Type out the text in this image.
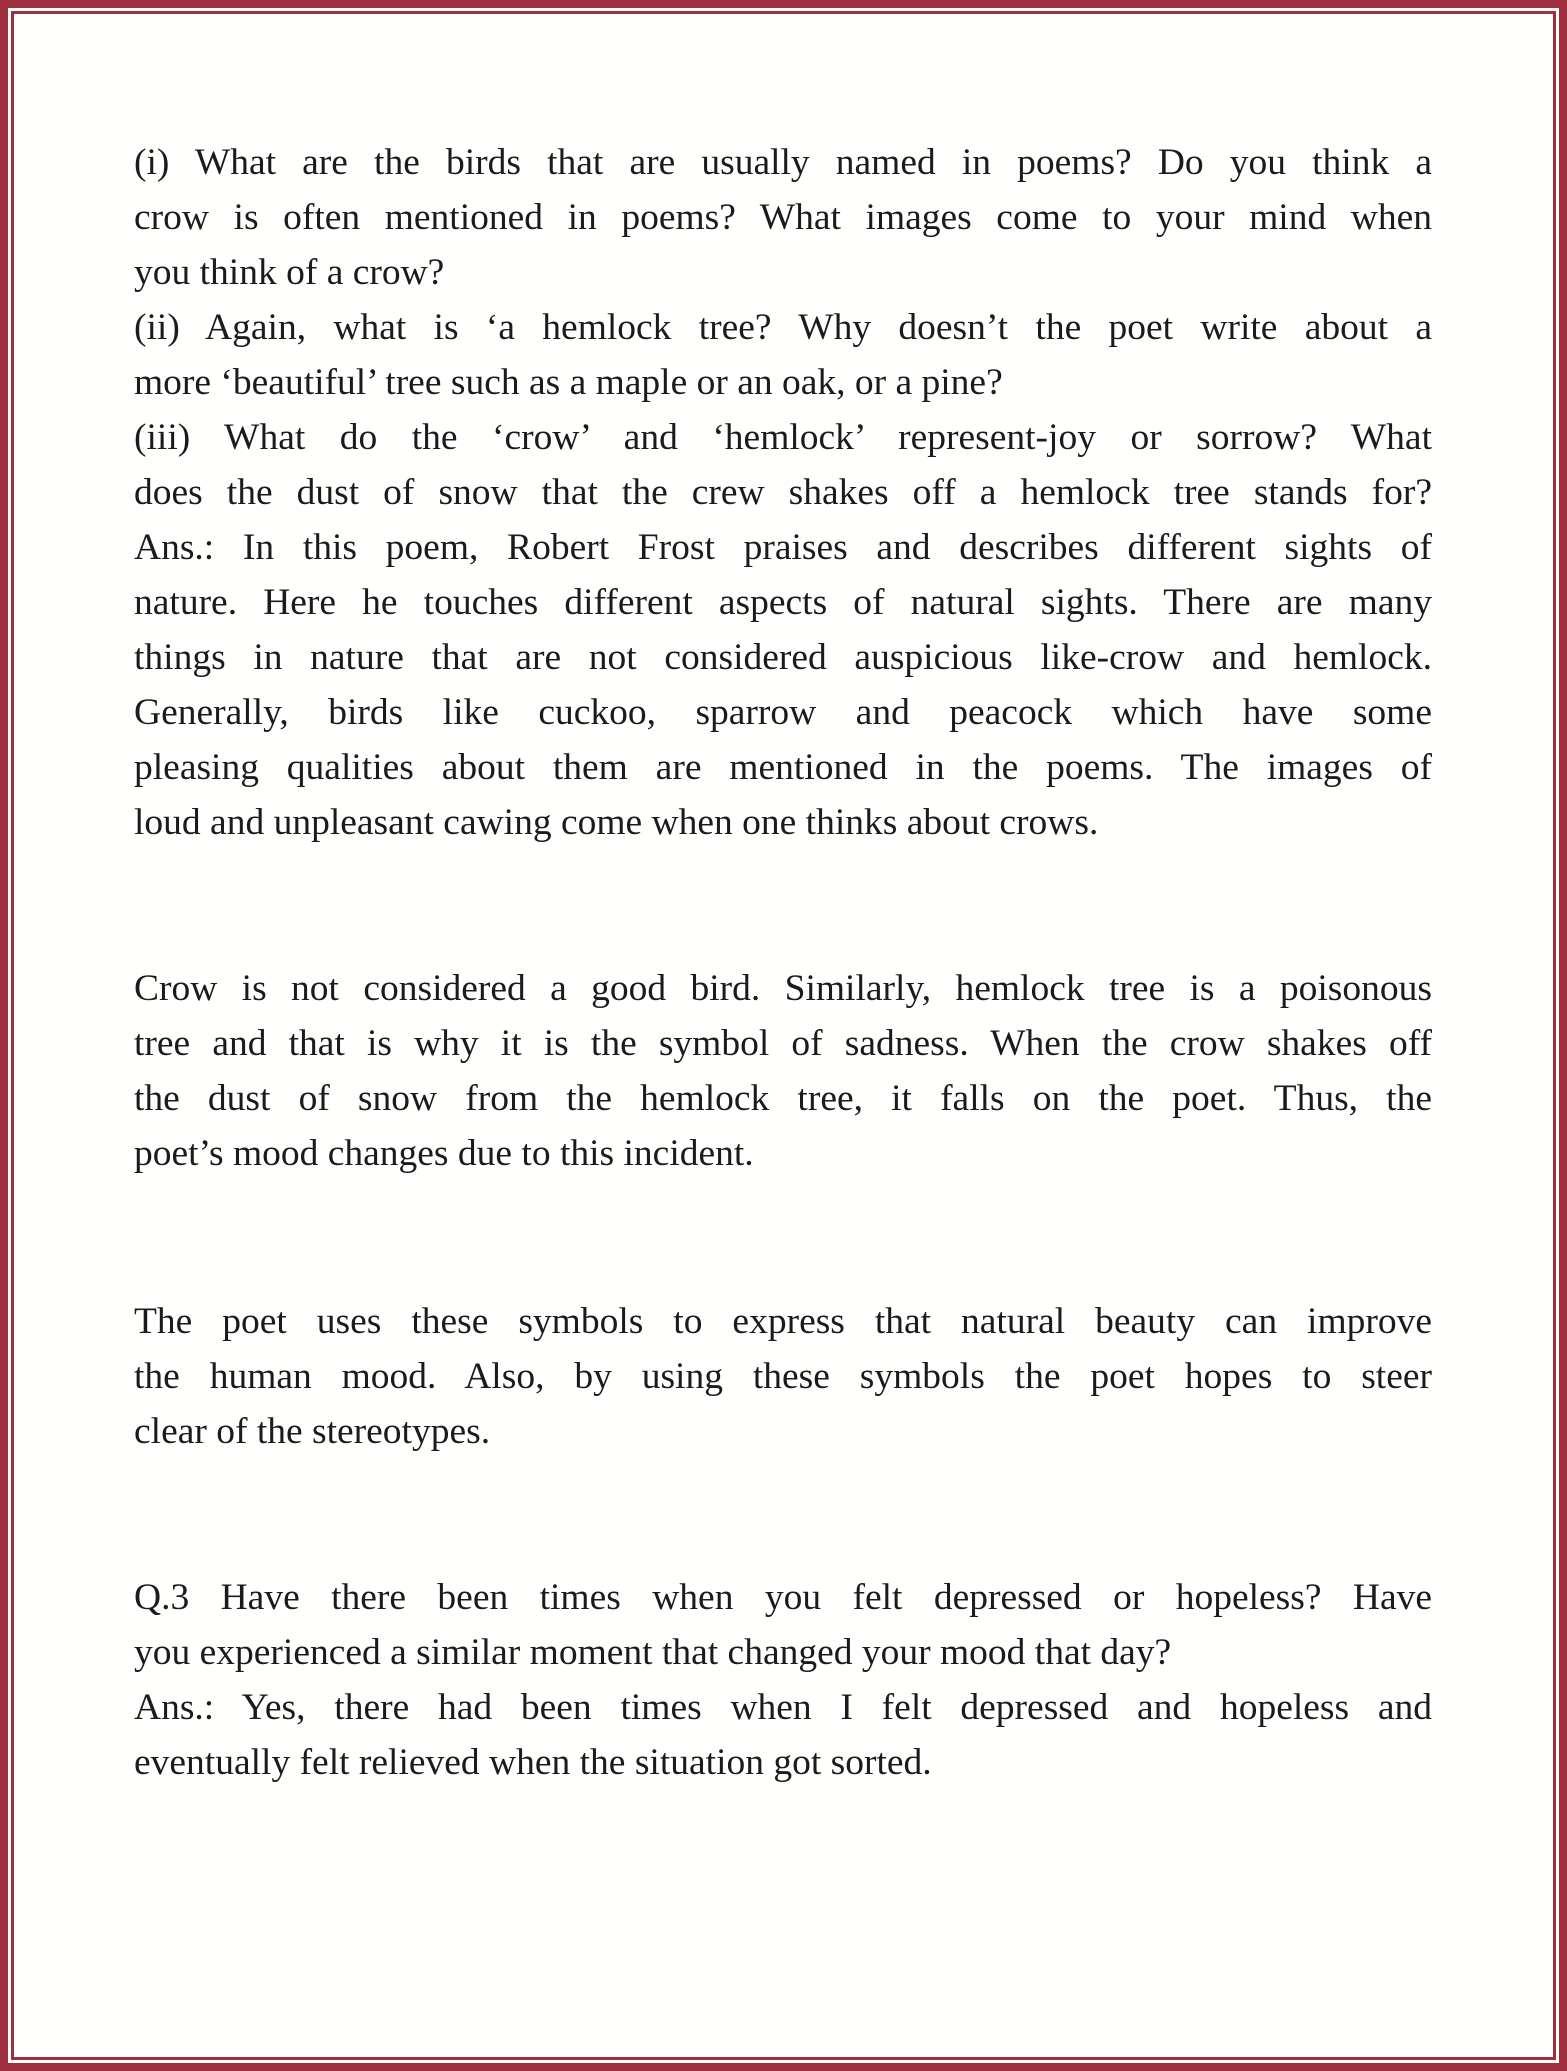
(i) What are the birds that are usually named in poems? Do you think a
crow is often mentioned in poems? What images come to your mind when
you think of a crow?
(ii) Again, what is ‘a hemlock tree? Why doesn’t the poet write about a
more ‘beautiful’ tree such as a maple or an oak, or a pine?
(iii) What do the ‘crow’ and ‘hemlock’ represent-joy or sorrow? What
does the dust of snow that the crew shakes off a hemlock tree stands for?
Ans.: In this poem, Robert Frost praises and describes different sights of
nature. Here he touches different aspects of natural sights. There are many
things in nature that are not considered auspicious like-crow and hemlock.
Generally, birds like cuckoo, sparrow and peacock which have some
pleasing qualities about them are mentioned in the poems. The images of
loud and unpleasant cawing come when one thinks about crows.
Crow is not considered a good bird. Similarly, hemlock tree is a poisonous
tree and that is why it is the symbol of sadness. When the crow shakes off
the dust of snow from the hemlock tree, it falls on the poet. Thus, the
poet’s mood changes due to this incident.
The poet uses these symbols to express that natural beauty can improve
the human mood. Also, by using these symbols the poet hopes to steer
clear of the stereotypes.
Q.3 Have there been times when you felt depressed or hopeless? Have
you experienced a similar moment that changed your mood that day?
Ans.: Yes, there had been times when I felt depressed and hopeless and
eventually felt relieved when the situation got sorted.
